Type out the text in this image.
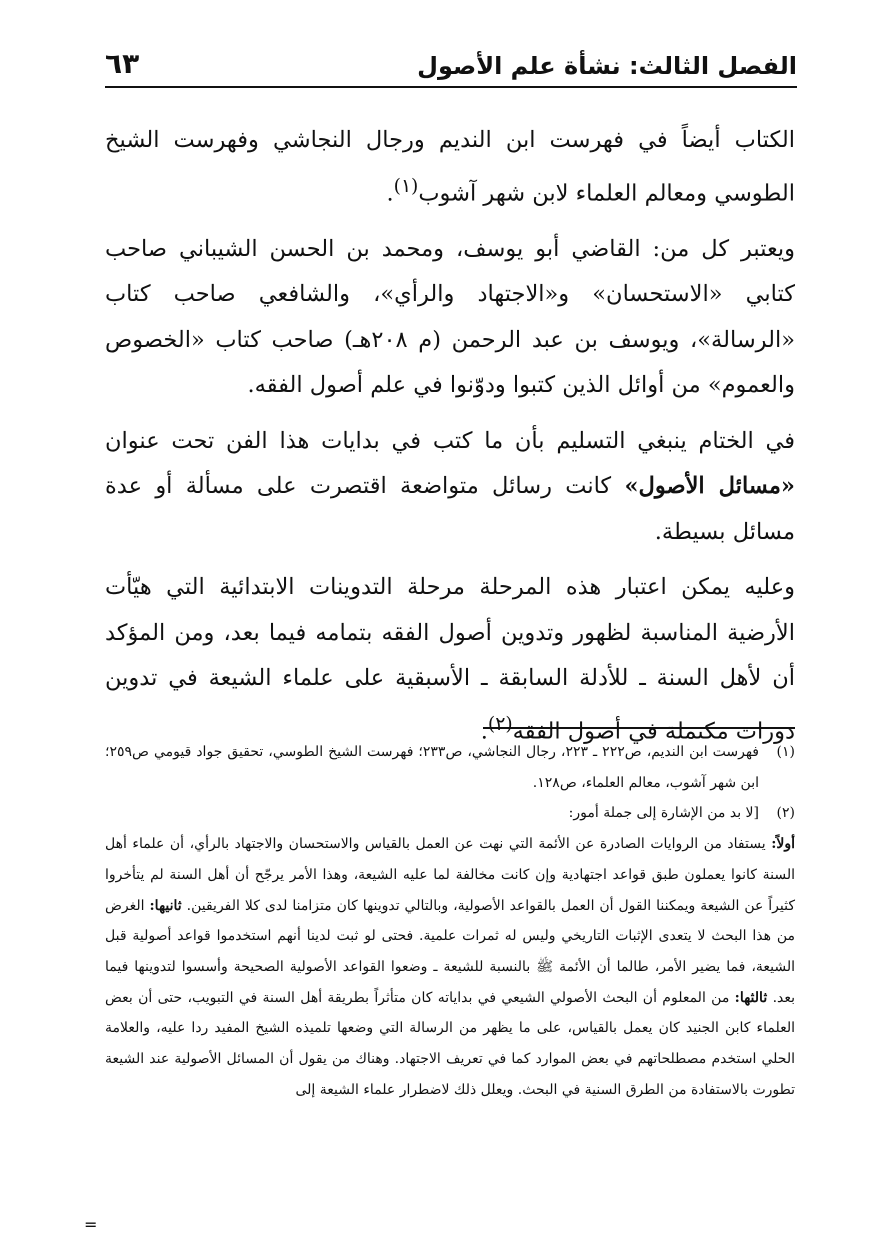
الفصل الثالث: نشأة علم الأصول
٦٣

الكتاب أيضاً في فهرست ابن النديم ورجال النجاشي وفهرست الشيخ الطوسي ومعالم العلماء لابن شهر آشوب$^{(١)}$.

ويعتبر كل من: القاضي أبو يوسف، ومحمد بن الحسن الشيباني صاحب كتابي «الاستحسان» و«الاجتهاد والرأي»، والشافعي صاحب كتاب «الرسالة»، ويوسف بن عبد الرحمن (م ٢٠٨هـ) صاحب كتاب «الخصوص والعموم» من أوائل الذين كتبوا ودوّنوا في علم أصول الفقه.

في الختام ينبغي التسليم بأن ما كتب في بدايات هذا الفن تحت عنوان «مسائل الأصول» كانت رسائل متواضعة اقتصرت على مسألة أو عدة مسائل بسيطة.

وعليه يمكن اعتبار هذه المرحلة مرحلة التدوينات الابتدائية التي هيّأت الأرضية المناسبة لظهور وتدوين أصول الفقه بتمامه فيما بعد، ومن المؤكد أن لأهل السنة ـ للأدلة السابقة ـ الأسبقية على علماء الشيعة في تدوين دورات مكتملة في أصول الفقه$^{(٢)}$.

(١)
فهرست ابن النديم، ص٢٢٢ ـ ٢٢٣، رجال النجاشي، ص٢٣٣؛ فهرست الشيخ الطوسي، تحقيق جواد قيومي ص٢٥٩؛ ابن شهر آشوب، معالم العلماء، ص١٢٨.
(٢)
[لا بد من الإشارة إلى جملة أمور:
أولاً: يستفاد من الروايات الصادرة عن الأئمة التي نهت عن العمل بالقياس والاستحسان والاجتهاد بالرأي، أن علماء أهل السنة كانوا يعملون طبق قواعد اجتهادية وإن كانت مخالفة لما عليه الشيعة، وهذا الأمر يرجّح أن أهل السنة لم يتأخروا كثيراً عن الشيعة ويمكننا القول أن العمل بالقواعد الأصولية، وبالتالي تدوينها كان متزامنا لدى كلا الفريقين. ثانيها: الغرض من هذا البحث لا يتعدى الإثبات التاريخي وليس له ثمرات علمية. فحتى لو ثبت لدينا أنهم استخدموا قواعد أصولية قبل الشيعة، فما يضير الأمر، طالما أن الأئمة ﷺ بالنسبة للشيعة ـ وضعوا القواعد الأصولية الصحيحة وأسسوا لتدوينها فيما بعد. ثالثها: من المعلوم أن البحث الأصولي الشيعي في بداياته كان متأثراً بطريقة أهل السنة في التبويب، حتى أن بعض العلماء كابن الجنيد كان يعمل بالقياس، على ما يظهر من الرسالة التي وضعها تلميذه الشيخ المفيد ردا عليه، والعلامة الحلي استخدم مصطلحاتهم في بعض الموارد كما في تعريف الاجتهاد. وهناك من يقول أن المسائل الأصولية عند الشيعة تطورت بالاستفادة من الطرق السنية في البحث. ويعلل ذلك لاضطرار علماء الشيعة إلى
=
